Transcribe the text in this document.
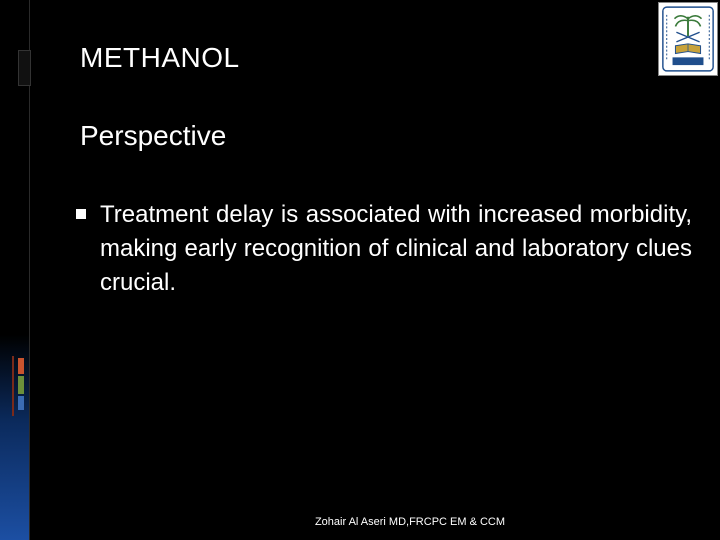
METHANOL
Perspective
Treatment delay is associated with increased morbidity, making early recognition of clinical and laboratory clues crucial.
Zohair Al Aseri MD,FRCPC EM & CCM
